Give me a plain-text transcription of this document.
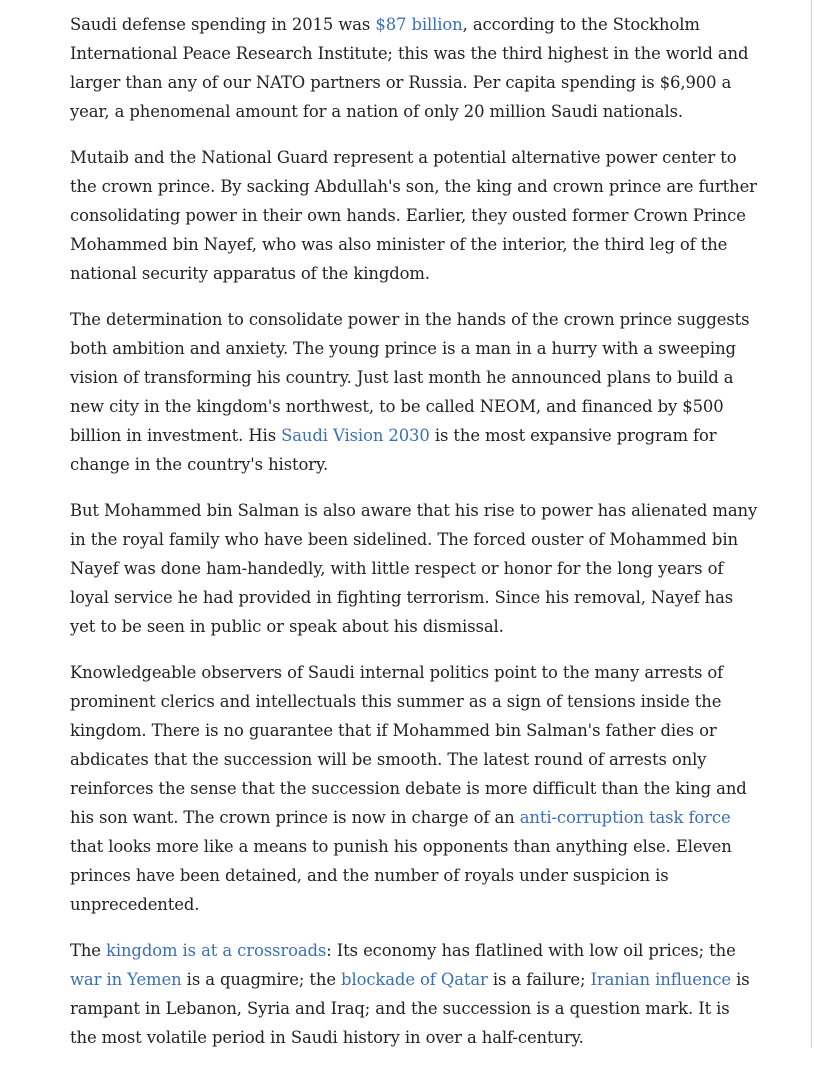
Saudi defense spending in 2015 was $87 billion, according to the Stockholm International Peace Research Institute; this was the third highest in the world and larger than any of our NATO partners or Russia. Per capita spending is $6,900 a year, a phenomenal amount for a nation of only 20 million Saudi nationals.

Mutaib and the National Guard represent a potential alternative power center to the crown prince. By sacking Abdullah's son, the king and crown prince are further consolidating power in their own hands. Earlier, they ousted former Crown Prince Mohammed bin Nayef, who was also minister of the interior, the third leg of the national security apparatus of the kingdom.

The determination to consolidate power in the hands of the crown prince suggests both ambition and anxiety. The young prince is a man in a hurry with a sweeping vision of transforming his country. Just last month he announced plans to build a new city in the kingdom's northwest, to be called NEOM, and financed by $500 billion in investment. His Saudi Vision 2030 is the most expansive program for change in the country's history.

But Mohammed bin Salman is also aware that his rise to power has alienated many in the royal family who have been sidelined. The forced ouster of Mohammed bin Nayef was done ham-handedly, with little respect or honor for the long years of loyal service he had provided in fighting terrorism. Since his removal, Nayef has yet to be seen in public or speak about his dismissal.

Knowledgeable observers of Saudi internal politics point to the many arrests of prominent clerics and intellectuals this summer as a sign of tensions inside the kingdom. There is no guarantee that if Mohammed bin Salman's father dies or abdicates that the succession will be smooth. The latest round of arrests only reinforces the sense that the succession debate is more difficult than the king and his son want. The crown prince is now in charge of an anti-corruption task force that looks more like a means to punish his opponents than anything else. Eleven princes have been detained, and the number of royals under suspicion is unprecedented.

The kingdom is at a crossroads: Its economy has flatlined with low oil prices; the war in Yemen is a quagmire; the blockade of Qatar is a failure; Iranian influence is rampant in Lebanon, Syria and Iraq; and the succession is a question mark. It is the most volatile period in Saudi history in over a half-century.
